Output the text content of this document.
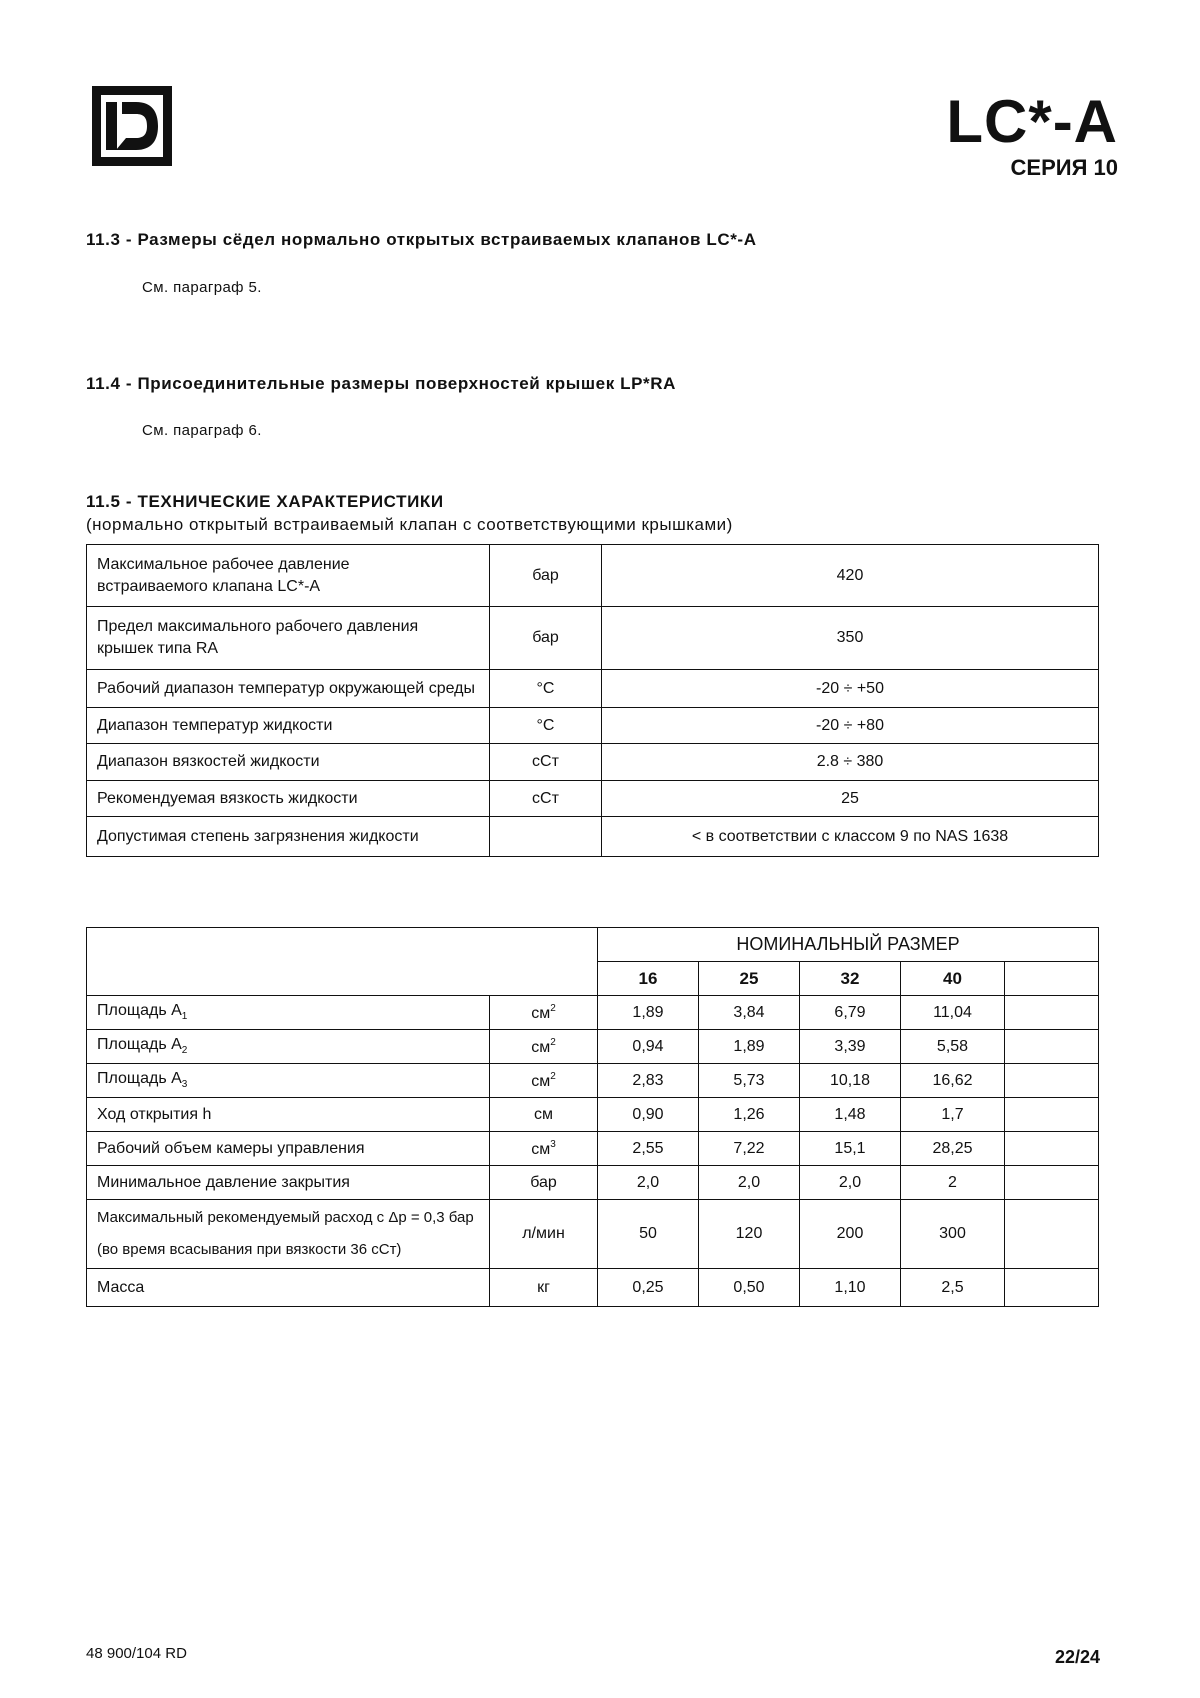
LC*-A
СЕРИЯ 10
11.3 - Размеры сёдел нормально открытых встраиваемых клапанов LC*-A
См. параграф 5.
11.4 - Присоединительные размеры поверхностей крышек LP*RA
См. параграф 6.
11.5 - ТЕХНИЧЕСКИЕ ХАРАКТЕРИСТИКИ
(нормально открытый встраиваемый клапан с соответствующими крышками)
Максимальное рабочее давление
встраиваемого клапана LC*-A	бар	420

Предел максимального рабочего давления
крышек типа RA	бар	350
Рабочий диапазон температур окружающей среды	°С	-20 ÷ +50
Диапазон температур жидкости	°С	-20 ÷ +80
Диапазон вязкостей жидкости	сСт	2.8 ÷ 380
Рекомендуемая вязкость жидкости	сСт	25
Допустимая степень загрязнения жидкости		< в соответствии с классом 9 по NAS 1638
		НОМИНАЛЬНЫЙ РАЗМЕР				
		16	25	32	40	
Площадь $A_1$	$см^2$	1,89	3,84	6,79	11,04	
Площадь $A_2$	$см^2$	0,94	1,89	3,39	5,58	
Площадь $A_3$	$см^2$	2,83	5,73	10,18	16,62	
Ход открытия h	см	0,90	1,26	1,48	1,7	
Рабочий объем камеры управления	$см^3$	2,55	7,22	15,1	28,25	
Минимальное давление закрытия	бар	2,0	2,0	2,0	2	

Максимальный рекомендуемый расход с Δp = 0,3 бар
(во время всасывания при вязкости 36 сСт)	л/мин	50	120	200	300	
Масса	кг	0,25	0,50	1,10	2,5	
48 900/104 RD	22/24
